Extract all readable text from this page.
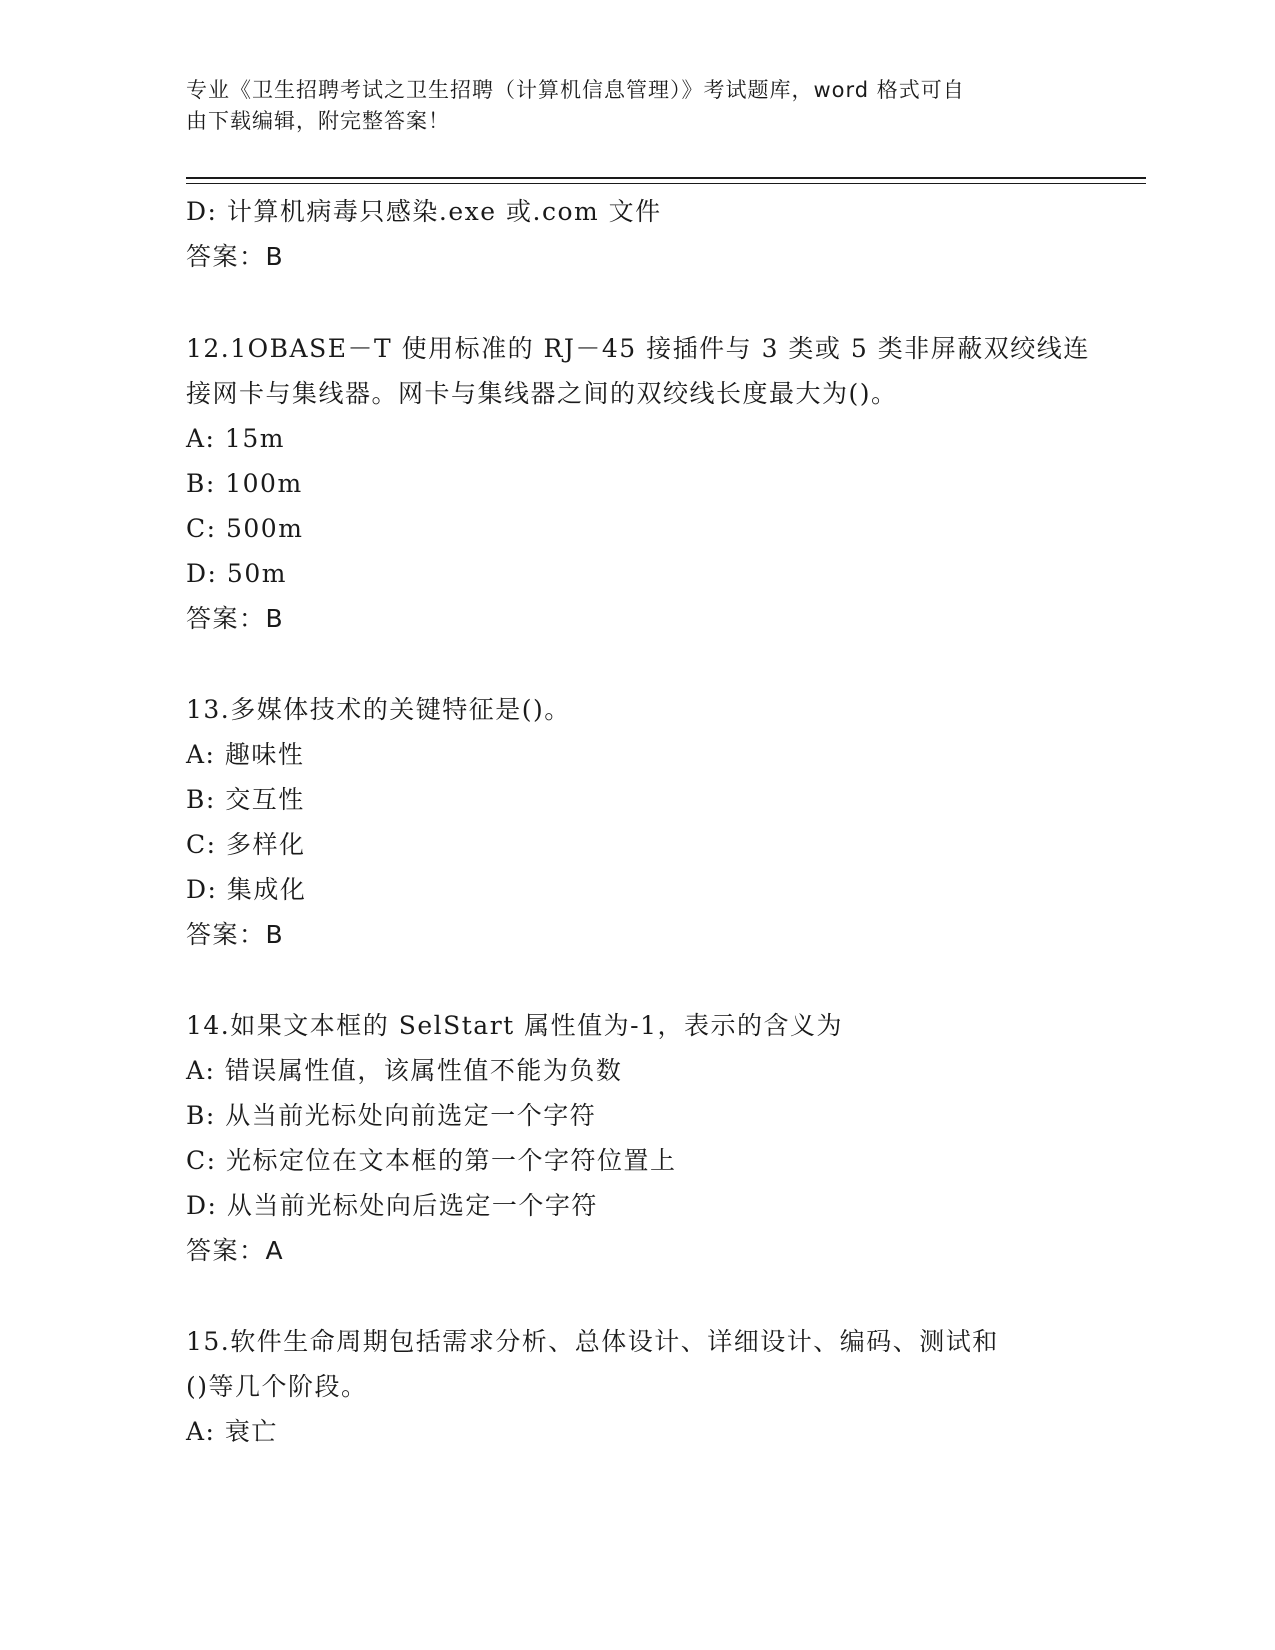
专业《卫生招聘考试之卫生招聘（计算机信息管理）》考试题库，word 格式可自
由下载编辑，附完整答案！
D: 计算机病毒只感染.exe 或.com 文件
答案：B
12.1OBASE－T 使用标准的 RJ－45 接插件与 3 类或 5 类非屏蔽双绞线连
接网卡与集线器。网卡与集线器之间的双绞线长度最大为()。
A: 15m
B: 100m
C: 500m
D: 50m
答案：B
13.多媒体技术的关键特征是()。
A: 趣味性
B: 交互性
C: 多样化
D: 集成化
答案：B
14.如果文本框的 SelStart 属性值为-1，表示的含义为
A: 错误属性值，该属性值不能为负数
B: 从当前光标处向前选定一个字符
C: 光标定位在文本框的第一个字符位置上
D: 从当前光标处向后选定一个字符
答案：A
15.软件生命周期包括需求分析、总体设计、详细设计、编码、测试和
()等几个阶段。
A: 衰亡
